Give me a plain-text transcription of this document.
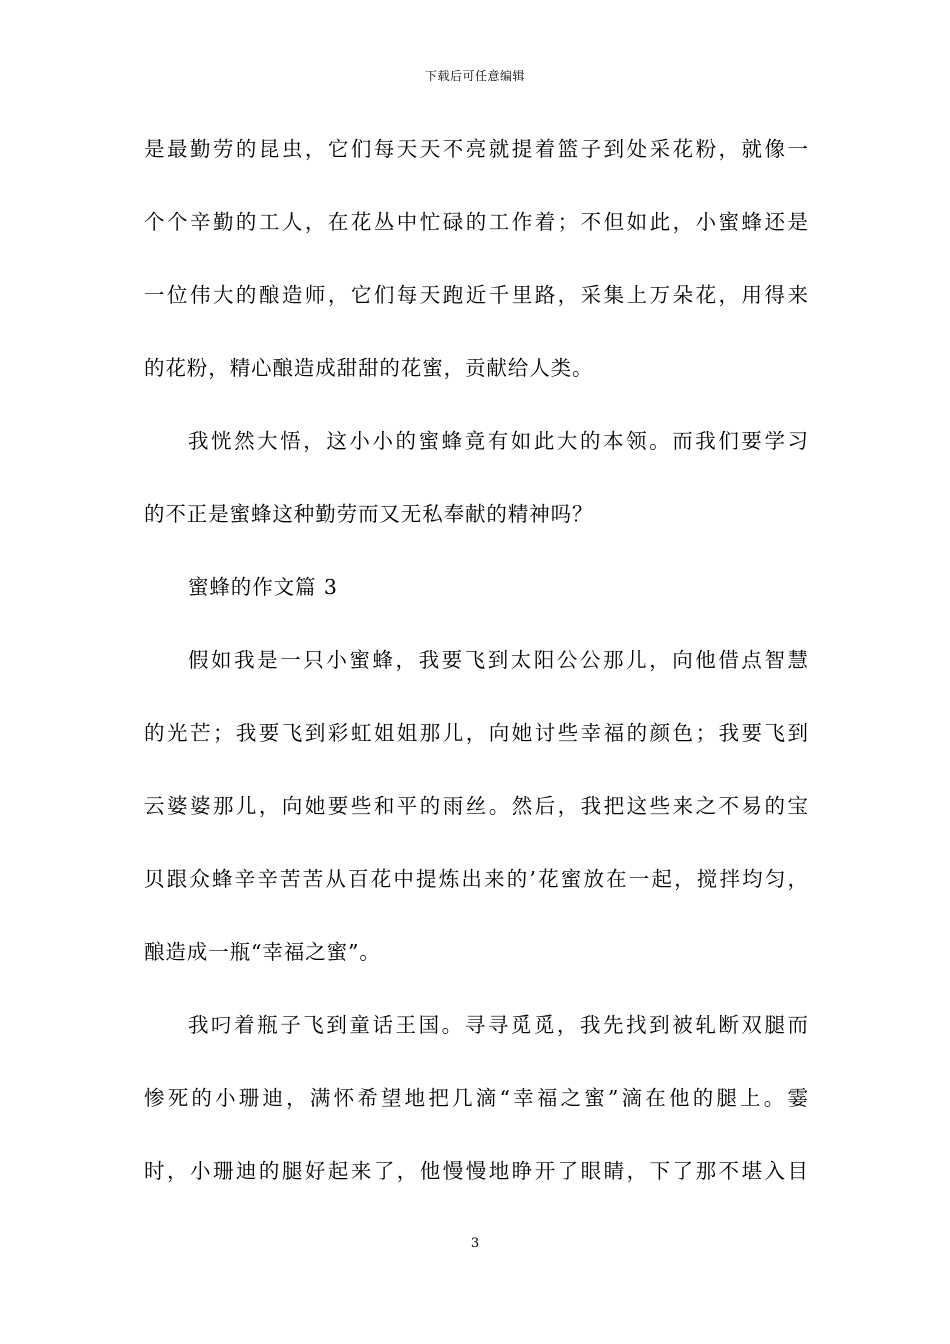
下载后可任意编辑
是最勤劳的昆虫，它们每天天不亮就提着篮子到处采花粉，就像一
个个辛勤的工人，在花丛中忙碌的工作着；不但如此，小蜜蜂还是
一位伟大的酿造师，它们每天跑近千里路，采集上万朵花，用得来
的花粉，精心酿造成甜甜的花蜜，贡献给人类。
我恍然大悟，这小小的蜜蜂竟有如此大的本领。而我们要学习
的不正是蜜蜂这种勤劳而又无私奉献的精神吗？
蜜蜂的作文篇 3
假如我是一只小蜜蜂，我要飞到太阳公公那儿，向他借点智慧
的光芒；我要飞到彩虹姐姐那儿，向她讨些幸福的颜色；我要飞到
云婆婆那儿，向她要些和平的雨丝。然后，我把这些来之不易的宝
贝跟众蜂辛辛苦苦从百花中提炼出来的’花蜜放在一起，搅拌均匀，
酿造成一瓶“幸福之蜜”。
我叼着瓶子飞到童话王国。寻寻觅觅，我先找到被轧断双腿而
惨死的小珊迪，满怀希望地把几滴“幸福之蜜”滴在他的腿上。霎
时，小珊迪的腿好起来了，他慢慢地睁开了眼睛，下了那不堪入目
3
